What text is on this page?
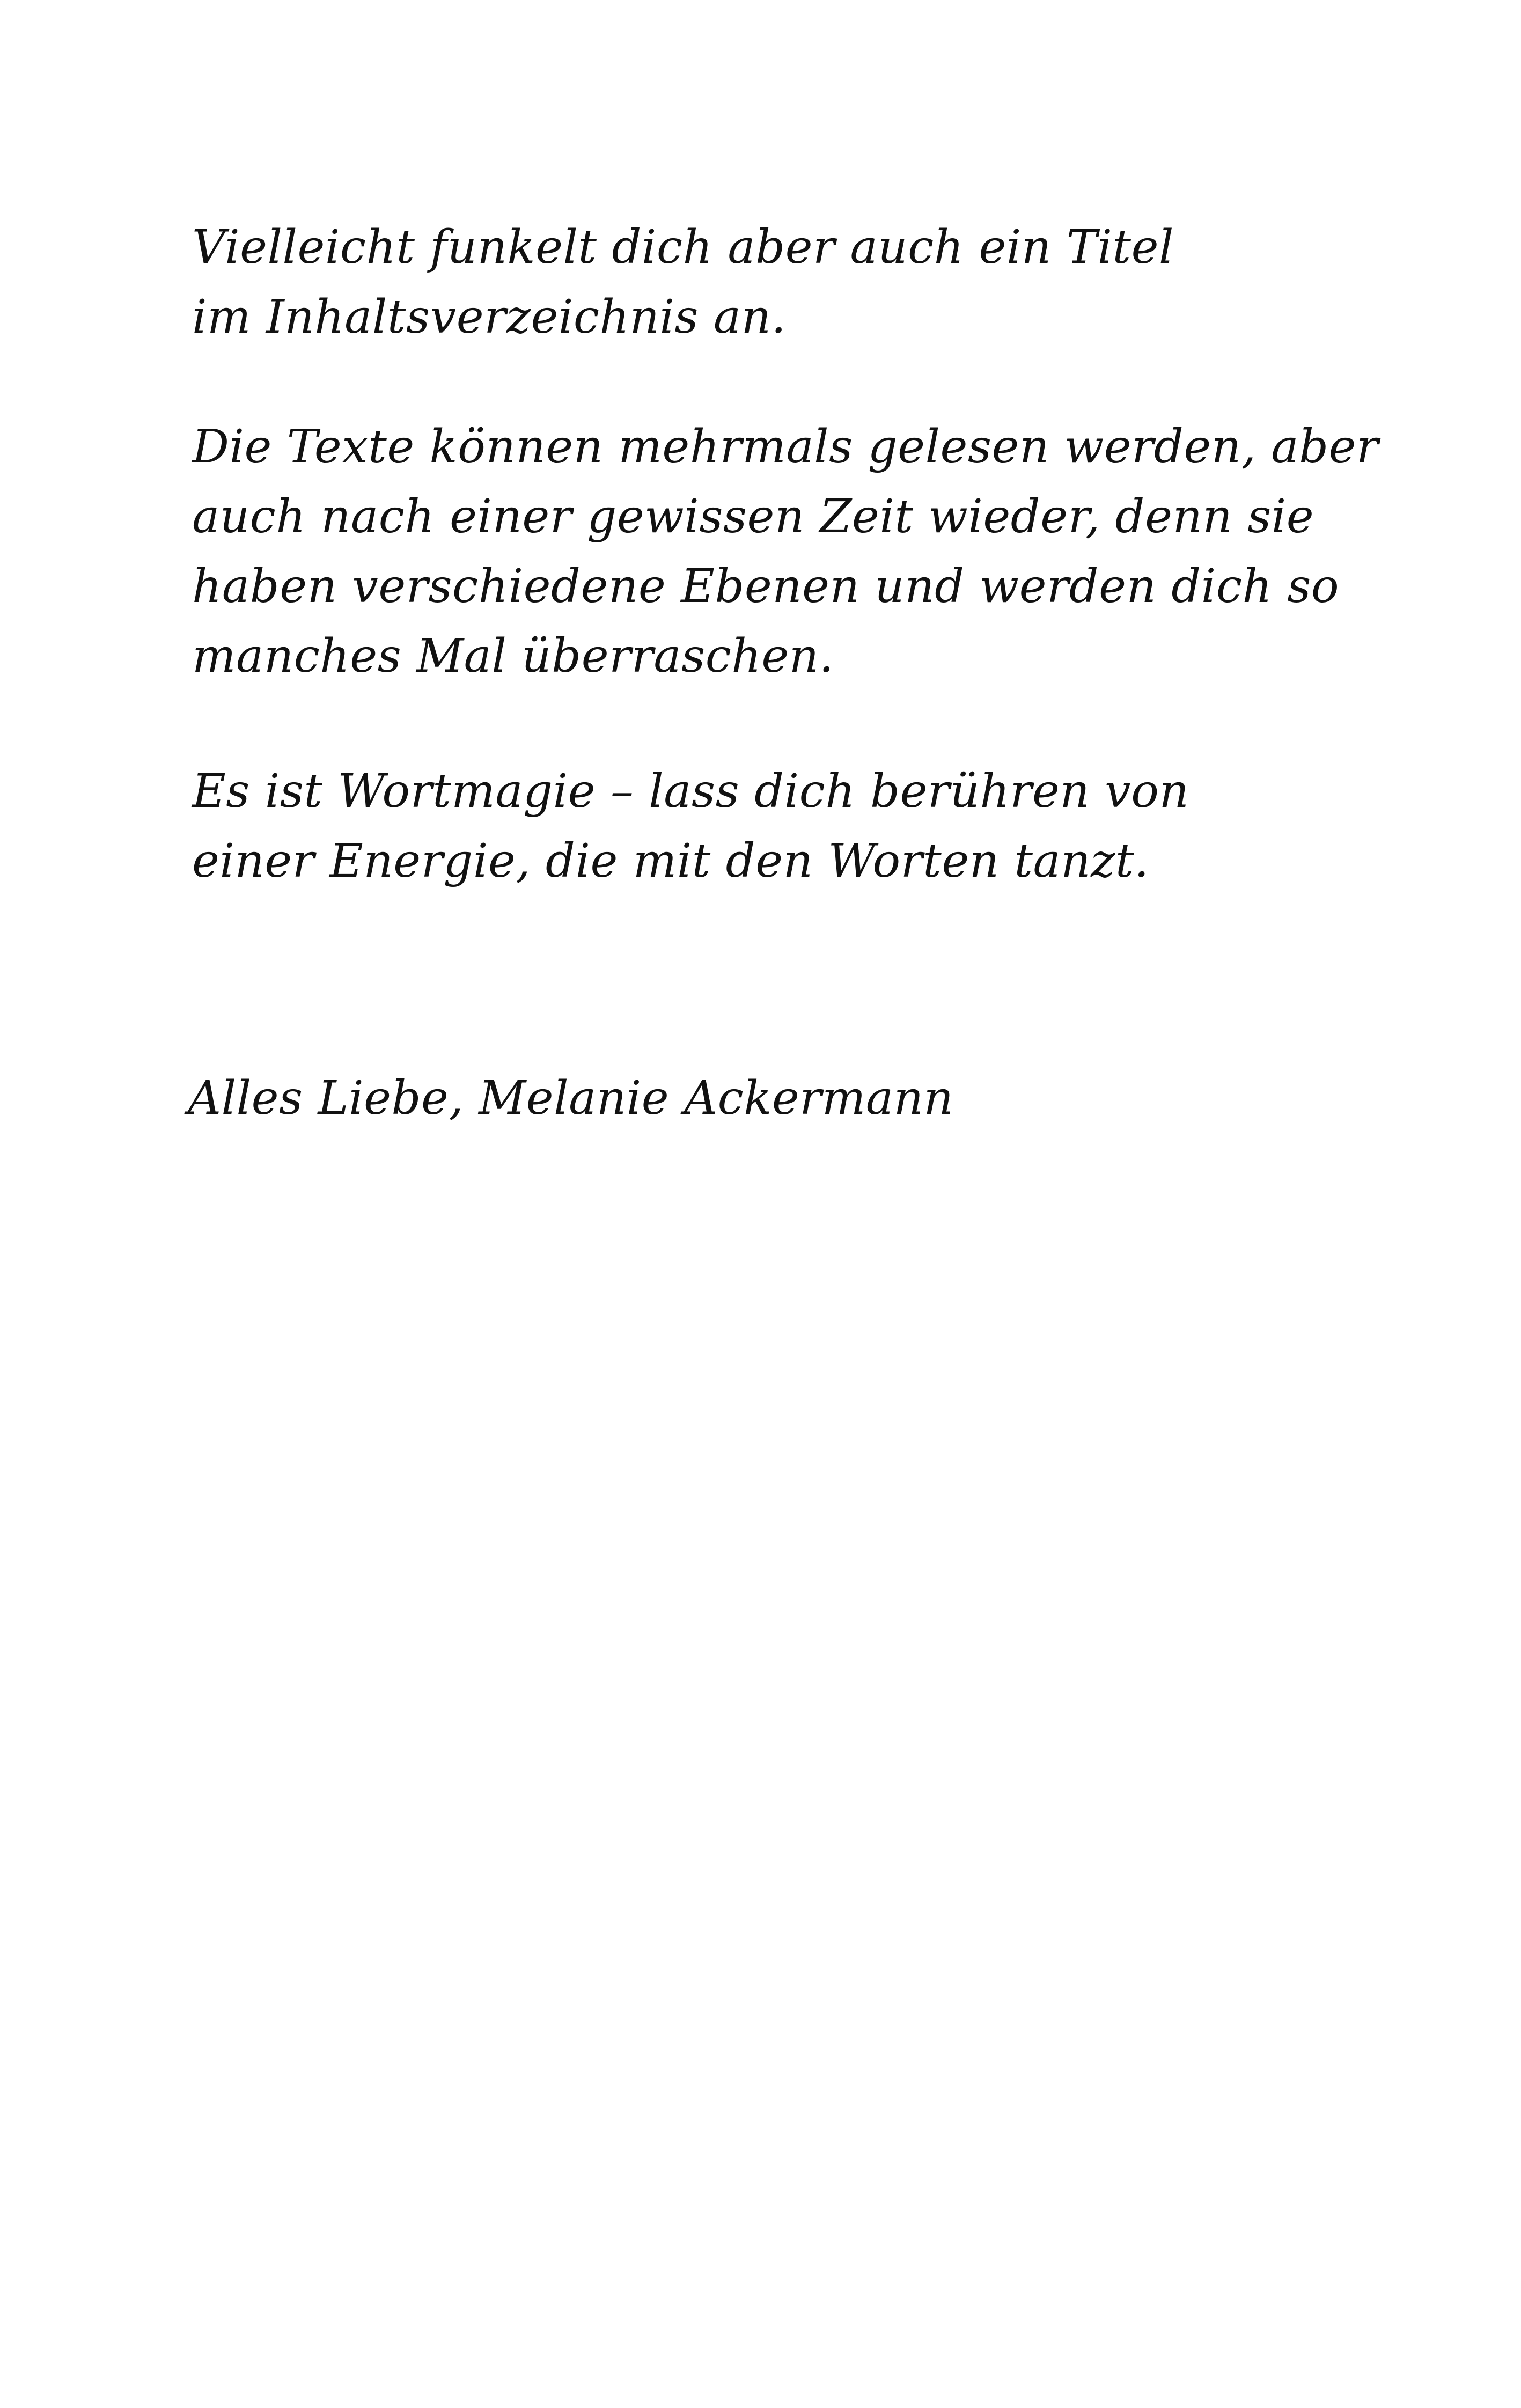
Vielleicht funkelt dich aber auch ein Titel

im Inhaltsverzeichnis an.

Die Texte können mehrmals gelesen werden, aber

auch nach einer gewissen Zeit wieder, denn sie

haben verschiedene Ebenen und werden dich so

manches Mal überraschen.

Es ist Wortmagie – lass dich berühren von

einer Energie, die mit den Worten tanzt.

Alles Liebe, Melanie Ackermann
